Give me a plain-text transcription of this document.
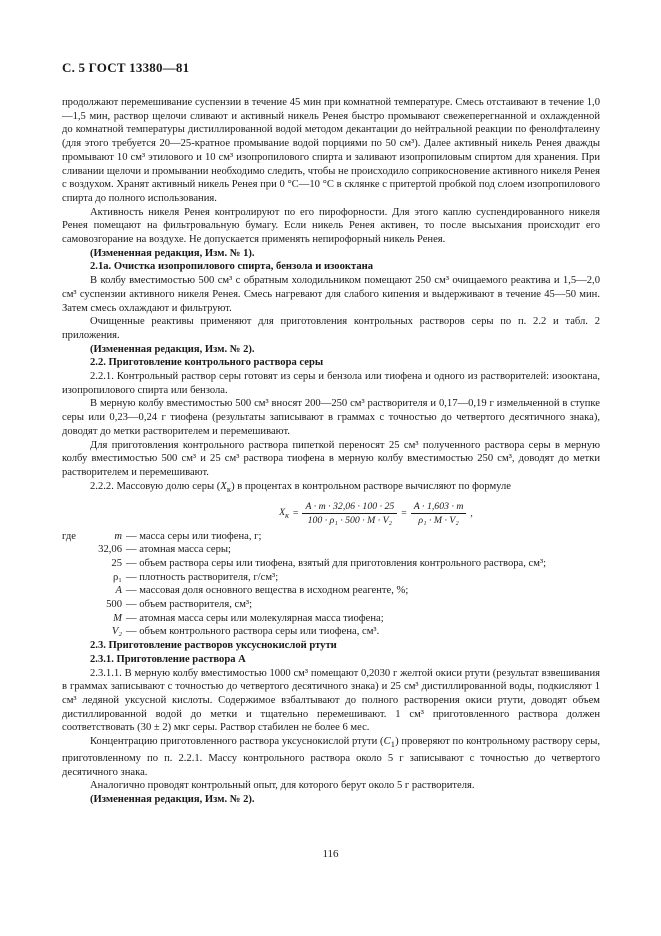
С. 5 ГОСТ 13380—81

продолжают перемешивание суспензии в течение 45 мин при комнатной температуре. Смесь отстаивают в течение 1,0—1,5 мин, раствор щелочи сливают и активный никель Ренея быстро промывают свежеперегнанной и охлажденной до комнатной температуры дистиллированной водой методом декантации до нейтральной реакции по фенолфталеину (для этого требуется 20—25-кратное промывание водой порциями по 50 см³). Далее активный никель Ренея дважды промывают 10 см³ этилового и 10 см³ изопропилового спирта и заливают изопропиловым спиртом для хранения. При сливании щелочи и промывании необходимо следить, чтобы не происходило соприкосновение активного никеля Ренея с воздухом. Хранят активный никель Ренея при 0 °С—10 °С в склянке с притертой пробкой под слоем изопропилового спирта до полного использования.

Активность никеля Ренея контролируют по его пирофорности. Для этого каплю суспендированного никеля Ренея помещают на фильтровальную бумагу. Если никель Ренея активен, то после высыхания происходит его самовозгорание на воздухе. Не допускается применять непирофорный никель Ренея.

(Измененная редакция, Изм. № 1).

2.1а. Очистка изопропилового спирта, бензола и изооктана

В колбу вместимостью 500 см³ с обратным холодильником помещают 250 см³ очищаемого реактива и 1,5—2,0 см³ суспензии активного никеля Ренея. Смесь нагревают для слабого кипения и выдерживают в течение 45—50 мин. Затем смесь охлаждают и фильтруют.

Очищенные реактивы применяют для приготовления контрольных растворов серы по п. 2.2 и табл. 2 приложения.

(Измененная редакция, Изм. № 2).

2.2. Приготовление контрольного раствора серы

2.2.1. Контрольный раствор серы готовят из серы и бензола или тиофена и одного из растворителей: изооктана, изопропилового спирта или бензола.

В мерную колбу вместимостью 500 см³ вносят 200—250 см³ растворителя и 0,17—0,19 г измельченной в ступке серы или 0,23—0,24 г тиофена (результаты записывают в граммах с точностью до четвертого десятичного знака), доводят до метки растворителем и перемешивают.

Для приготовления контрольного раствора пипеткой переносят 25 см³ полученного раствора серы в мерную колбу вместимостью 500 см³ и 25 см³ раствора тиофена в мерную колбу вместимостью 250 см³, доводят до метки растворителем и перемешивают.

2.2.2. Массовую долю серы $(X_к)$ в процентах в контрольном растворе вычисляют по формуле

$X_к = \frac{A \cdot m \cdot 32,06 \cdot 100 \cdot 25}{\text{100 · ρ₁ · 500 · M · V₂}} = \frac{A \cdot 1,603 \cdot m}{\text{ρ₁ · M · V₂}}$ ,
где	m — масса серы или тиофена, г;
32,06 — атомная масса серы;
25 — объем раствора серы или тиофена, взятый для приготовления контрольного раствора, см³;
ρ₁ — плотность растворителя, г/см³;
A — массовая доля основного вещества в исходном реагенте, %;
500 — объем растворителя, см³;
M — атомная масса серы или молекулярная масса тиофена;
V₂ — объем контрольного раствора серы или тиофена, см³.

2.3. Приготовление растворов уксуснокислой ртути

2.3.1. Приготовление раствора А

2.3.1.1. В мерную колбу вместимостью 1000 см³ помещают 0,2030 г желтой окиси ртути (результат взвешивания в граммах записывают с точностью до четвертого десятичного знака) и 25 см³ дистиллированной воды, подкисляют 1 см³ ледяной уксусной кислоты. Содержимое взбалтывают до полного растворения окиси ртути, доводят объем дистиллированной водой до метки и тщательно перемешивают. 1 см³ приготовленного раствора должен соответствовать (30 ± 2) мкг серы. Раствор стабилен не более 6 мес.

Концентрацию приготовленного раствора уксуснокислой ртути $(C_1)$ проверяют по контрольному раствору серы, приготовленному по п. 2.2.1. Массу контрольного раствора около 5 г записывают с точностью до четвертого десятичного знака.

Аналогично проводят контрольный опыт, для которого берут около 5 г растворителя.

(Измененная редакция, Изм. № 2).

116
